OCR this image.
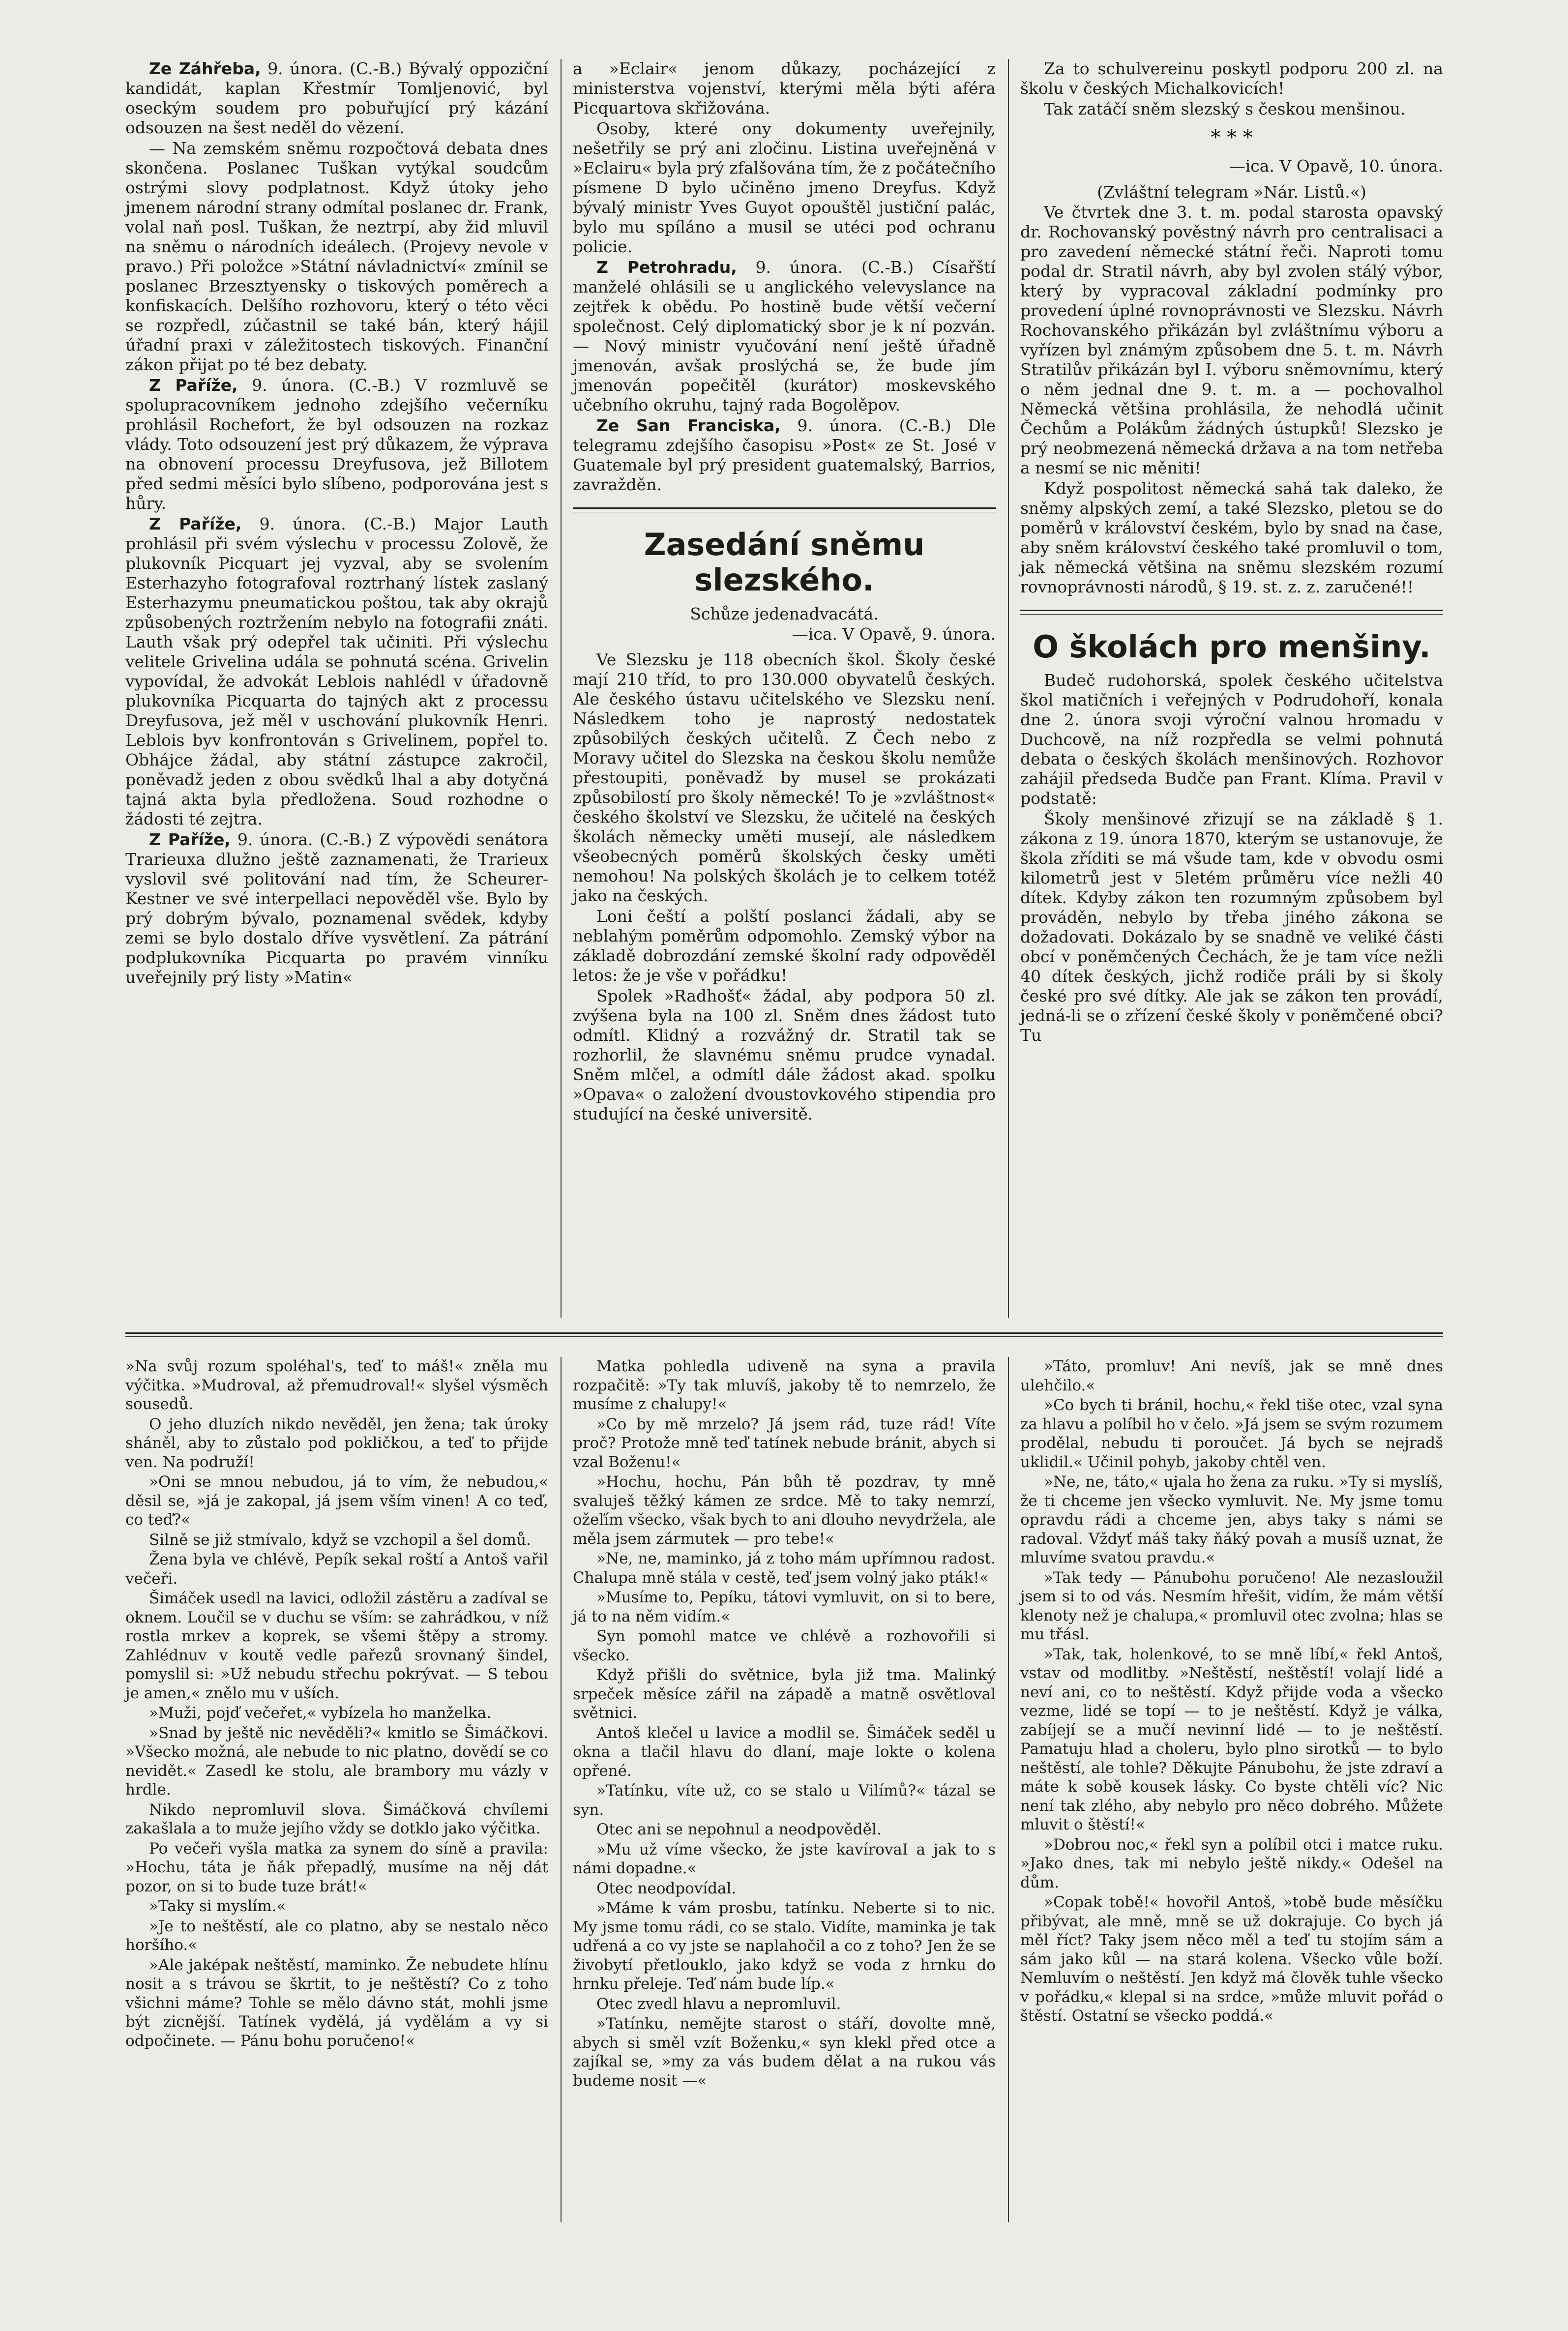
Ze Záhřeba, 9. února. (C.-B.) Bývalý oppoziční kandidát, kaplan Křestmír Tomljenović, byl oseckým soudem pro pobuřující prý kázání odsouzen na šest neděl do vězení.

— Na zemském sněmu rozpočtová debata dnes skončena. Poslanec Tuškan vytýkal soudcům ostrými slovy podplatnost. Když útoky jeho jmenem národní strany odmítal poslanec dr. Frank, volal naň posl. Tuškan, že neztrpí, aby žid mluvil na sněmu o národních ideálech. (Projevy nevole v pravo.) Při položce »Státní návladnictví« zmínil se poslanec Brzesztyensky o tiskových poměrech a konfiskacích. Delšího rozhovoru, který o této věci se rozpředl, zúčastnil se také bán, který hájil úřadní praxi v záležitostech tiskových. Finanční zákon přijat po té bez debaty.

Z Paříže, 9. února. (C.-B.) V rozmluvě se spolupracovníkem jednoho zdejšího večerníku prohlásil Rochefort, že byl odsouzen na rozkaz vlády. Toto odsouzení jest prý důkazem, že výprava na obnovení processu Dreyfusova, jež Billotem před sedmi měsíci bylo slíbeno, podporována jest s hůry.

Z Paříže, 9. února. (C.-B.) Major Lauth prohlásil při svém výslechu v processu Zolově, že plukovník Picquart jej vyzval, aby se svolením Esterhazyho fotografoval roztrhaný lístek zaslaný Esterhazymu pneumatickou poštou, tak aby okrajů způsobených roztržením nebylo na fotografii znáti. Lauth však prý odepřel tak učiniti. Při výslechu velitele Grivelina udála se pohnutá scéna. Grivelin vypovídal, že advokát Leblois nahlédl v úřadovně plukovníka Picquarta do tajných akt z processu Dreyfusova, jež měl v uschování plukovník Henri. Leblois byv konfrontován s Grivelinem, popřel to. Obhájce žádal, aby státní zástupce zakročil, poněvadž jeden z obou svědků lhal a aby dotyčná tajná akta byla předložena. Soud rozhodne o žádosti té zejtra.

Z Paříže, 9. února. (C.-B.) Z výpovědi senátora Trarieuxa dlužno ještě zaznamenati, že Trarieux vyslovil své politování nad tím, že Scheurer-Kestner ve své interpellaci nepověděl vše. Bylo by prý dobrým bývalo, poznamenal svědek, kdyby zemi se bylo dostalo dříve vysvětlení. Za pátrání podplukovníka Picquarta po pravém vinníku uveřejnily prý listy »Matin«

a »Eclair« jenom důkazy, pocházející z ministerstva vojenství, kterými měla býti aféra Picquartova skřižována.

Osoby, které ony dokumenty uveřejnily, nešetřily se prý ani zločinu. Listina uveřejněná v »Eclairu« byla prý zfalšována tím, že z počátečního písmene D bylo učiněno jmeno Dreyfus. Když bývalý ministr Yves Guyot opouštěl justiční palác, bylo mu spíláno a musil se utéci pod ochranu policie.

Z Petrohradu, 9. února. (C.-B.) Císařští manželé ohlásili se u anglického velevyslance na zejtřek k obědu. Po hostině bude větší večerní společnost. Celý diplomatický sbor je k ní pozván. — Nový ministr vyučování není ještě úřadně jmenován, avšak proslýchá se, že bude jím jmenován popečitěl (kurátor) moskevského učebního okruhu, tajný rada Bogolěpov.

Ze San Franciska, 9. února. (C.-B.) Dle telegramu zdejšího časopisu »Post« ze St. José v Guatemale byl prý president guatemalský, Barrios, zavražděn.

Zasedání sněmu slezského.

Schůze jedenadvacátá.

—ica. V Opavě, 9. února.

Ve Slezsku je 118 obecních škol. Školy české mají 210 tříd, to pro 130.000 obyvatelů českých. Ale českého ústavu učitelského ve Slezsku není. Následkem toho je naprostý nedostatek způsobilých českých učitelů. Z Čech nebo z Moravy učitel do Slezska na českou školu nemůže přestoupiti, poněvadž by musel se prokázati způsobilostí pro školy německé! To je »zvláštnost« českého školství ve Slezsku, že učitelé na českých školách německy uměti musejí, ale následkem všeobecných poměrů školských česky uměti nemohou! Na polských školách je to celkem totéž jako na českých.

Loni čeští a polští poslanci žádali, aby se neblahým poměrům odpomohlo. Zemský výbor na základě dobrozdání zemské školní rady odpověděl letos: že je vše v pořádku!

Spolek »Radhošť« žádal, aby podpora 50 zl. zvýšena byla na 100 zl. Sněm dnes žádost tuto odmítl. Klidný a rozvážný dr. Stratil tak se rozhorlil, že slavnému sněmu prudce vynadal. Sněm mlčel, a odmítl dále žádost akad. spolku »Opava« o založení dvoustovkového stipendia pro studující na české universitě.

Za to schulvereinu poskytl podporu 200 zl. na školu v českých Michalkovicích!

Tak zatáčí sněm slezský s českou menšinou.

* * *

—ica. V Opavě, 10. února.

(Zvláštní telegram »Nár. Listů.«)

Ve čtvrtek dne 3. t. m. podal starosta opavský dr. Rochovanský pověstný návrh pro centralisaci a pro zavedení německé státní řeči. Naproti tomu podal dr. Stratil návrh, aby byl zvolen stálý výbor, který by vypracoval základní podmínky pro provedení úplné rovnoprávnosti ve Slezsku. Návrh Rochovanského přikázán byl zvláštnímu výboru a vyřízen byl známým způsobem dne 5. t. m. Návrh Stratilův přikázán byl I. výboru sněmovnímu, který o něm jednal dne 9. t. m. a — pochovalhol Německá většina prohlásila, že nehodlá učinit Čechům a Polákům žádných ústupků! Slezsko je prý neobmezená německá država a na tom netřeba a nesmí se nic měniti!

Když pospolitost německá sahá tak daleko, že sněmy alpských zemí, a také Slezsko, pletou se do poměrů v království českém, bylo by snad na čase, aby sněm království českého také promluvil o tom, jak německá většina na sněmu slezském rozumí rovnoprávnosti národů, § 19. st. z. z. zaručené!!

O školách pro menšiny.

Budeč rudohorská, spolek českého učitelstva škol matičních i veřejných v Podrudohoří, konala dne 2. února svoji výroční valnou hromadu v Duchcově, na níž rozpředla se velmi pohnutá debata o českých školách menšinových. Rozhovor zahájil předseda Budče pan Frant. Klíma. Pravil v podstatě:

Školy menšinové zřizují se na základě § 1. zákona z 19. února 1870, kterým se ustanovuje, že škola zříditi se má všude tam, kde v obvodu osmi kilometrů jest v 5letém průměru více nežli 40 dítek. Kdyby zákon ten rozumným způsobem byl prováděn, nebylo by třeba jiného zákona se dožadovati. Dokázalo by se snadně ve veliké části obcí v poněmčených Čechách, že je tam více nežli 40 dítek českých, jichž rodiče práli by si školy české pro své dítky. Ale jak se zákon ten provádí, jedná-li se o zřízení české školy v poněmčené obci? Tu

»Na svůj rozum spoléhal's, teď to máš!« zněla mu výčitka. »Mudroval, až přemudroval!« slyšel výsměch sousedů.

O jeho dluzích nikdo nevěděl, jen žena; tak úroky sháněl, aby to zůstalo pod pokličkou, a teď to přijde ven. Na podruží!

»Oni se mnou nebudou, já to vím, že nebudou,« děsil se, »já je zakopal, já jsem vším vinen! A co teď, co teď?«

Silně se již stmívalo, když se vzchopil a šel domů.

Žena byla ve chlévě, Pepík sekal roští a Antoš vařil večeři.

Šimáček usedl na lavici, odložil zástěru a zadíval se oknem. Loučil se v duchu se vším: se zahrádkou, v níž rostla mrkev a koprek, se všemi štěpy a stromy. Zahlédnuv v koutě vedle pařezů srovnaný šindel, pomyslil si: »Už nebudu střechu pokrývat. — S tebou je amen,« znělo mu v uších.

»Muži, pojď večeřet,« vybízela ho manželka.

»Snad by ještě nic nevěděli?« kmitlo se Šimáčkovi. »Všecko možná, ale nebude to nic platno, dovědí se co nevidět.« Zasedl ke stolu, ale brambory mu vázly v hrdle.

Nikdo nepromluvil slova. Šimáčková chvílemi zakašlala a to muže jejího vždy se dotklo jako výčitka.

Po večeři vyšla matka za synem do síně a pravila: »Hochu, táta je ňák přepadlý, musíme na něj dát pozor, on si to bude tuze brát!«

»Taky si myslím.«

»Je to neštěstí, ale co platno, aby se nestalo něco horšího.«

»Ale jaképak neštěstí, maminko. Že nebudete hlínu nosit a s trávou se škrtit, to je neštěstí? Co z toho všichni máme? Tohle se mělo dávno stát, mohli jsme být zicnější. Tatínek vydělá, já vydělám a vy si odpočinete. — Pánu bohu poručeno!«

Matka pohledla udiveně na syna a pravila rozpačitě: »Ty tak mluvíš, jakoby tě to nemrzelo, že musíme z chalupy!«

»Co by mě mrzelo? Já jsem rád, tuze rád! Víte proč? Protože mně teď tatínek nebude bránit, abych si vzal Boženu!«

»Hochu, hochu, Pán bůh tě pozdrav, ty mně svaluješ těžký kámen ze srdce. Mě to taky nemrzí, ožeľím všecko, však bych to ani dlouho nevydržela, ale měla jsem zármutek — pro tebe!«

»Ne, ne, maminko, já z toho mám upřímnou radost. Chalupa mně stála v cestě, teď jsem volný jako pták!«

»Musíme to, Pepíku, tátovi vymluvit, on si to bere, já to na něm vidím.«

Syn pomohl matce ve chlévě a rozhovořili si všecko.

Když přišli do světnice, byla již tma. Malinký srpeček měsíce zářil na západě a matně osvětloval světnici.

Antoš klečel u lavice a modlil se. Šimáček seděl u okna a tlačil hlavu do dlaní, maje lokte o kolena opřené.

»Tatínku, víte už, co se stalo u Vilímů?« tázal se syn.

Otec ani se nepohnul a neodpověděl.

»Mu už víme všecko, že jste kavírovaI a jak to s námi dopadne.«

Otec neodpovídal.

»Máme k vám prosbu, tatínku. Neberte si to nic. My jsme tomu rádi, co se stalo. Vidíte, maminka je tak udřená a co vy jste se naplahočil a co z toho? Jen že se živobytí přetlouklo, jako když se voda z hrnku do hrnku přeleje. Teď nám bude líp.«

Otec zvedl hlavu a nepromluvil.

»Tatínku, nemějte starost o stáří, dovolte mně, abych si směl vzít Boženku,« syn klekl před otce a zajíkal se, »my za vás budem dělat a na rukou vás budeme nosit —«

»Táto, promluv! Ani nevíš, jak se mně dnes ulehčilo.«

»Co bych ti bránil, hochu,« řekl tiše otec, vzal syna za hlavu a políbil ho v čelo. »Já jsem se svým rozumem prodělal, nebudu ti poroučet. Já bych se nejradš uklidil.« Učinil pohyb, jakoby chtěl ven.

»Ne, ne, táto,« ujala ho žena za ruku. »Ty si myslíš, že ti chceme jen všecko vymluvit. Ne. My jsme tomu opravdu rádi a chceme jen, abys taky s námi se radoval. Vždyť máš taky ňáký povah a musíš uznat, že mluvíme svatou pravdu.«

»Tak tedy — Pánubohu poručeno! Ale nezasloužil jsem si to od vás. Nesmím hřešit, vidím, že mám větší klenoty než je chalupa,« promluvil otec zvolna; hlas se mu třásl.

»Tak, tak, holenkové, to se mně líbí,« řekl Antoš, vstav od modlitby. »Neštěstí, neštěstí! volají lidé a neví ani, co to neštěstí. Když přijde voda a všecko vezme, lidé se topí — to je neštěstí. Když je válka, zabíjejí se a mučí nevinní lidé — to je neštěstí. Pamatuju hlad a choleru, bylo plno sirotků — to bylo neštěstí, ale tohle? Děkujte Pánubohu, že jste zdraví a máte k sobě kousek lásky. Co byste chtěli víc? Nic není tak zlého, aby nebylo pro něco dobrého. Můžete mluvit o štěstí!«

»Dobrou noc,« řekl syn a políbil otci i matce ruku. »Jako dnes, tak mi nebylo ještě nikdy.« Odešel na dům.

»Copak tobě!« hovořil Antoš, »tobě bude měsíčku přibývat, ale mně, mně se už dokrajuje. Co bych já měl říct? Taky jsem něco měl a teď tu stojím sám a sám jako kůl — na stará kolena. Všecko vůle boží. Nemluvím o neštěstí. Jen když má člověk tuhle všecko v pořádku,« klepal si na srdce, »může mluvit pořád o štěstí. Ostatní se všecko poddá.«
